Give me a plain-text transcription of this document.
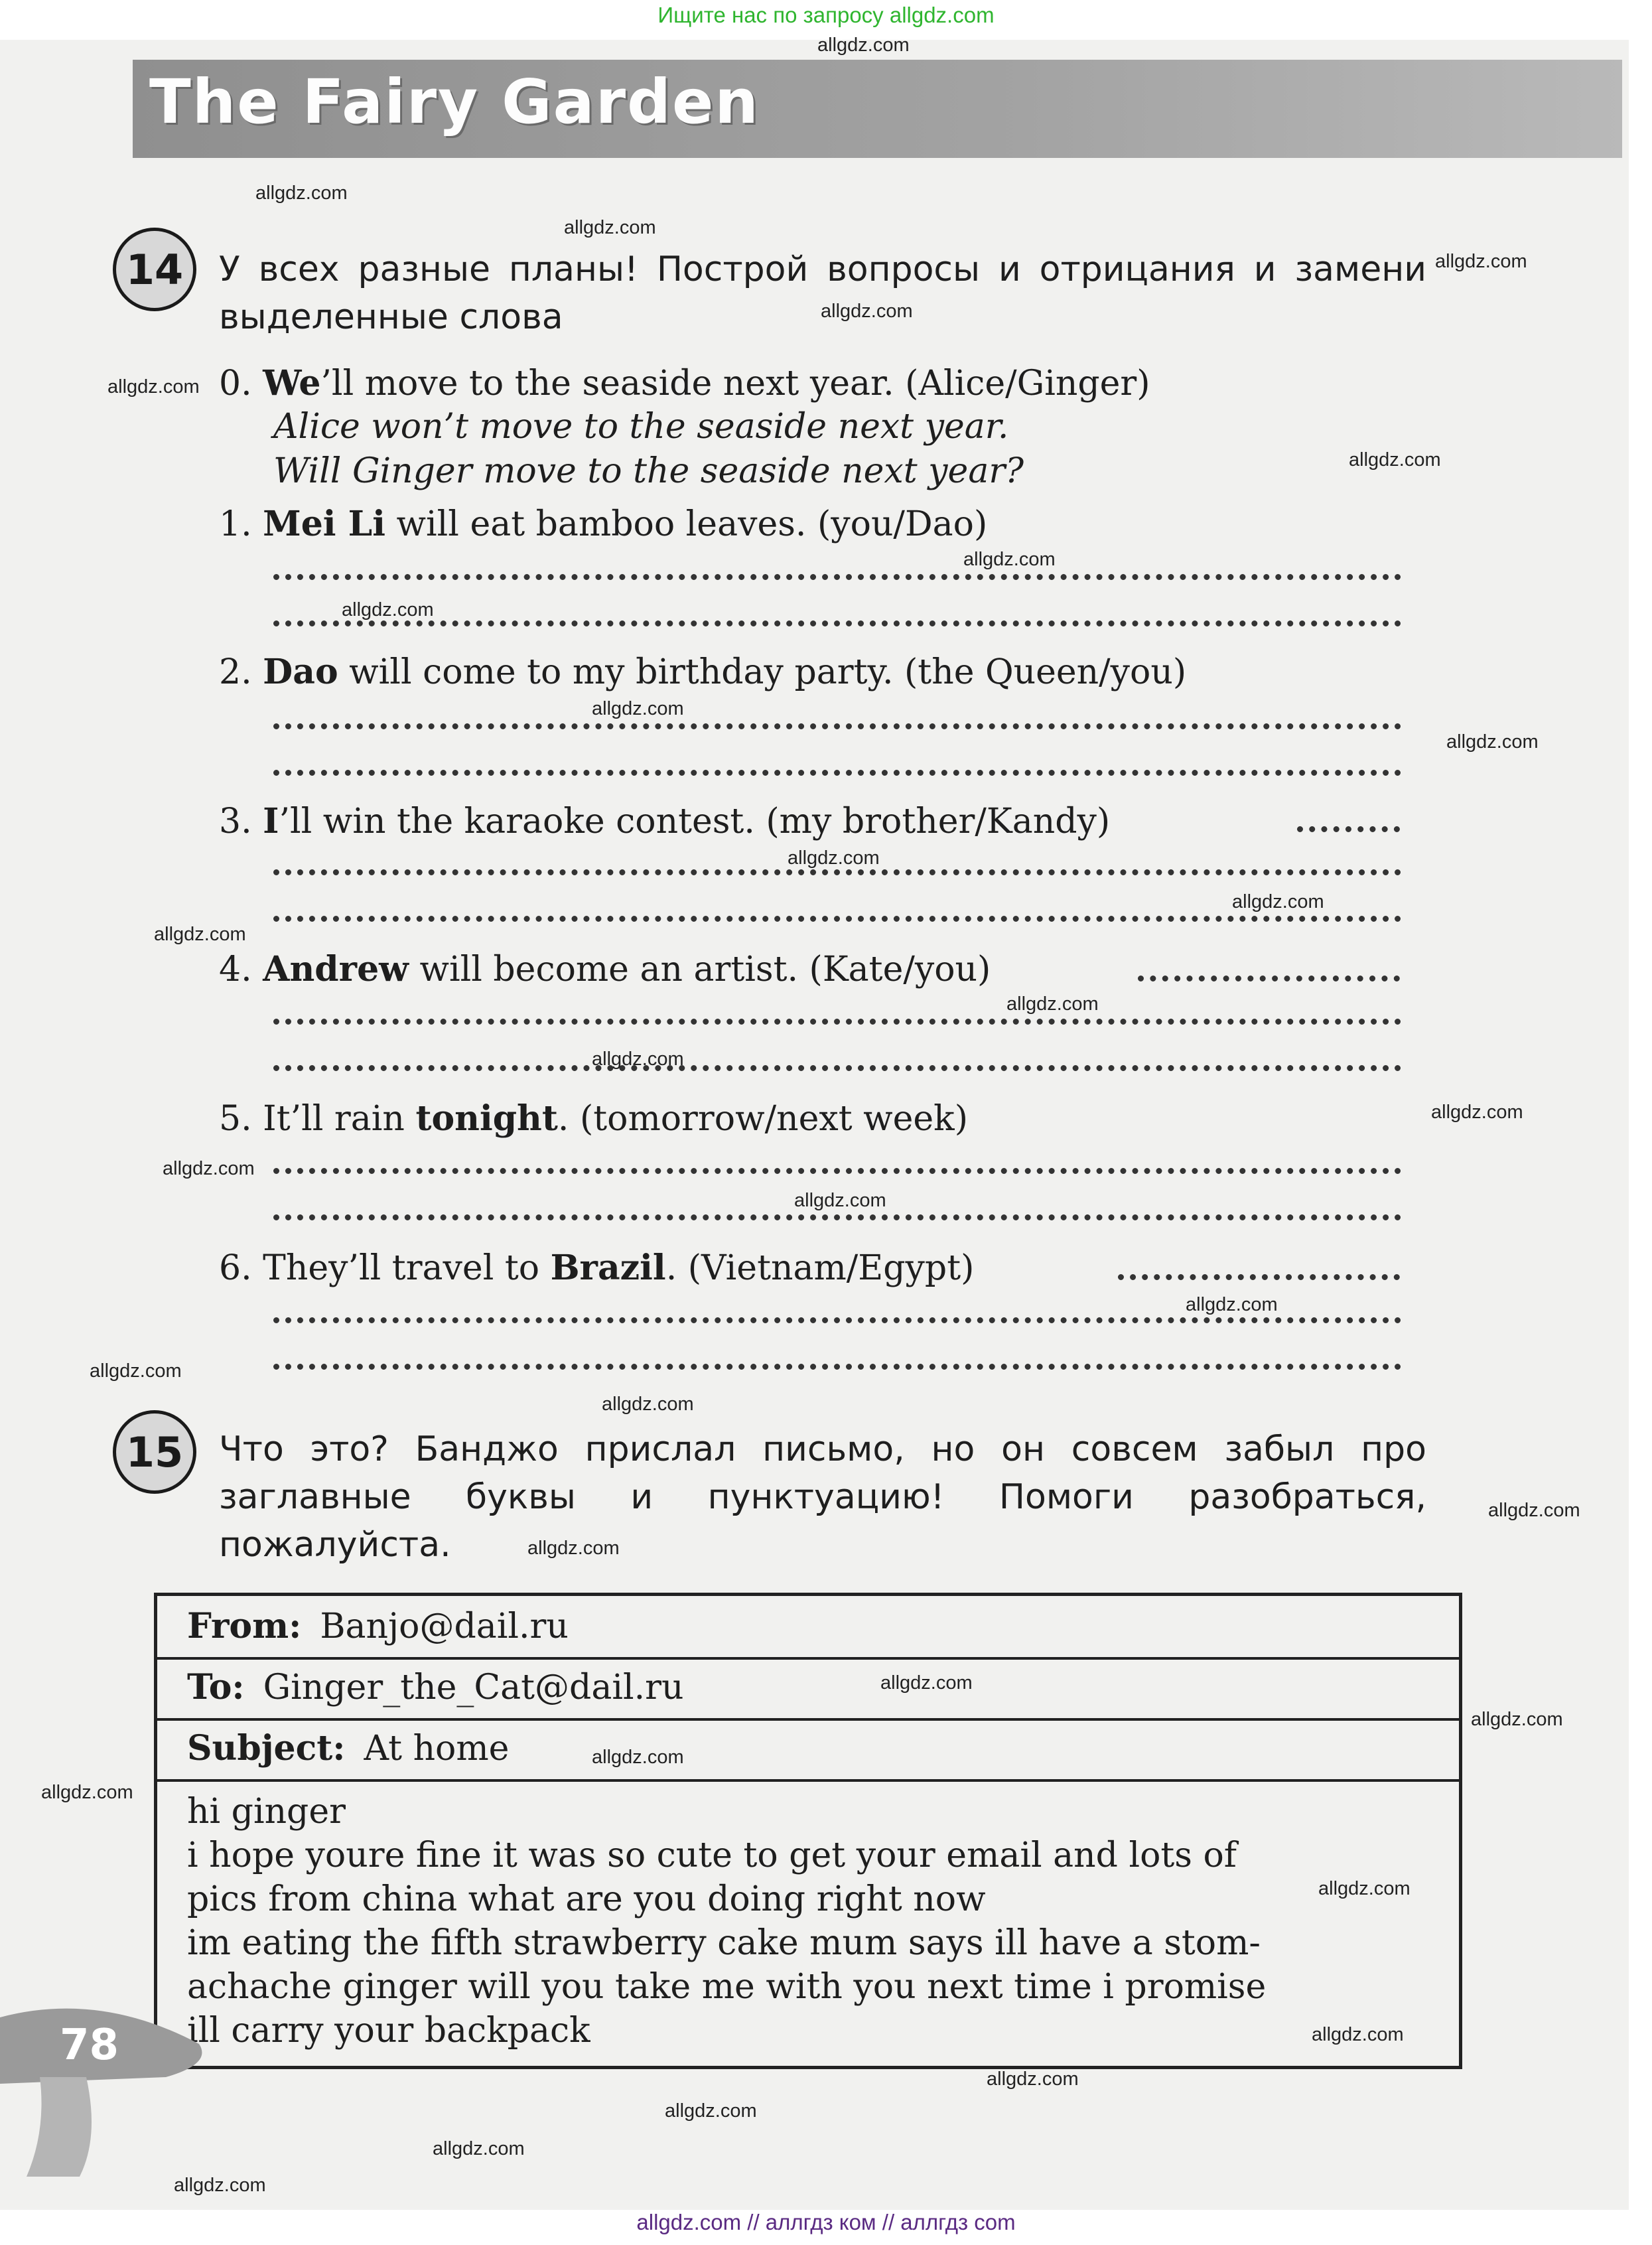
Ищите нас по запросу allgdz.com
The Fairy Garden
14	У всех разные планы! Построй вопросы и отрицания и замени выделенные слова
0. We’ll move to the seaside next year. (Alice/Ginger)
Alice won’t move to the seaside next year.
Will Ginger move to the seaside next year?
1. Mei Li will eat bamboo leaves. (you/Dao)
2. Dao will come to my birthday party. (the Queen/you)
3. I’ll win the karaoke contest. (my brother/Kandy)
4. Andrew will become an artist. (Kate/you)
5. It’ll rain tonight. (tomorrow/next week)
6. They’ll travel to Brazil. (Vietnam/Egypt)
15	Что это? Банджо прислал письмо, но он совсем забыл про заглавные буквы и пунктуацию! Помоги разобраться, пожалуйста.
From: Banjo@dail.ru
To: Ginger_the_Cat@dail.ru
Subject: At home
hi ginger
i hope youre fine it was so cute to get your email and lots of
pics from china what are you doing right now
im eating the fifth strawberry cake mum says ill have a stom-
achache ginger will you take me with you next time i promise
ill carry your backpack
78
allgdz.com
allgdz.com
allgdz.com
allgdz.com
allgdz.com
allgdz.com
allgdz.com
allgdz.com
allgdz.com
allgdz.com
allgdz.com
allgdz.com
allgdz.com
allgdz.com
allgdz.com
allgdz.com
allgdz.com
allgdz.com
allgdz.com
allgdz.com
allgdz.com
allgdz.com
allgdz.com
allgdz.com
allgdz.com
allgdz.com
allgdz.com
allgdz.com
allgdz.com
allgdz.com
allgdz.com
allgdz.com
allgdz.com
allgdz.com
allgdz.com // аллгдз ком // аллгдз com
